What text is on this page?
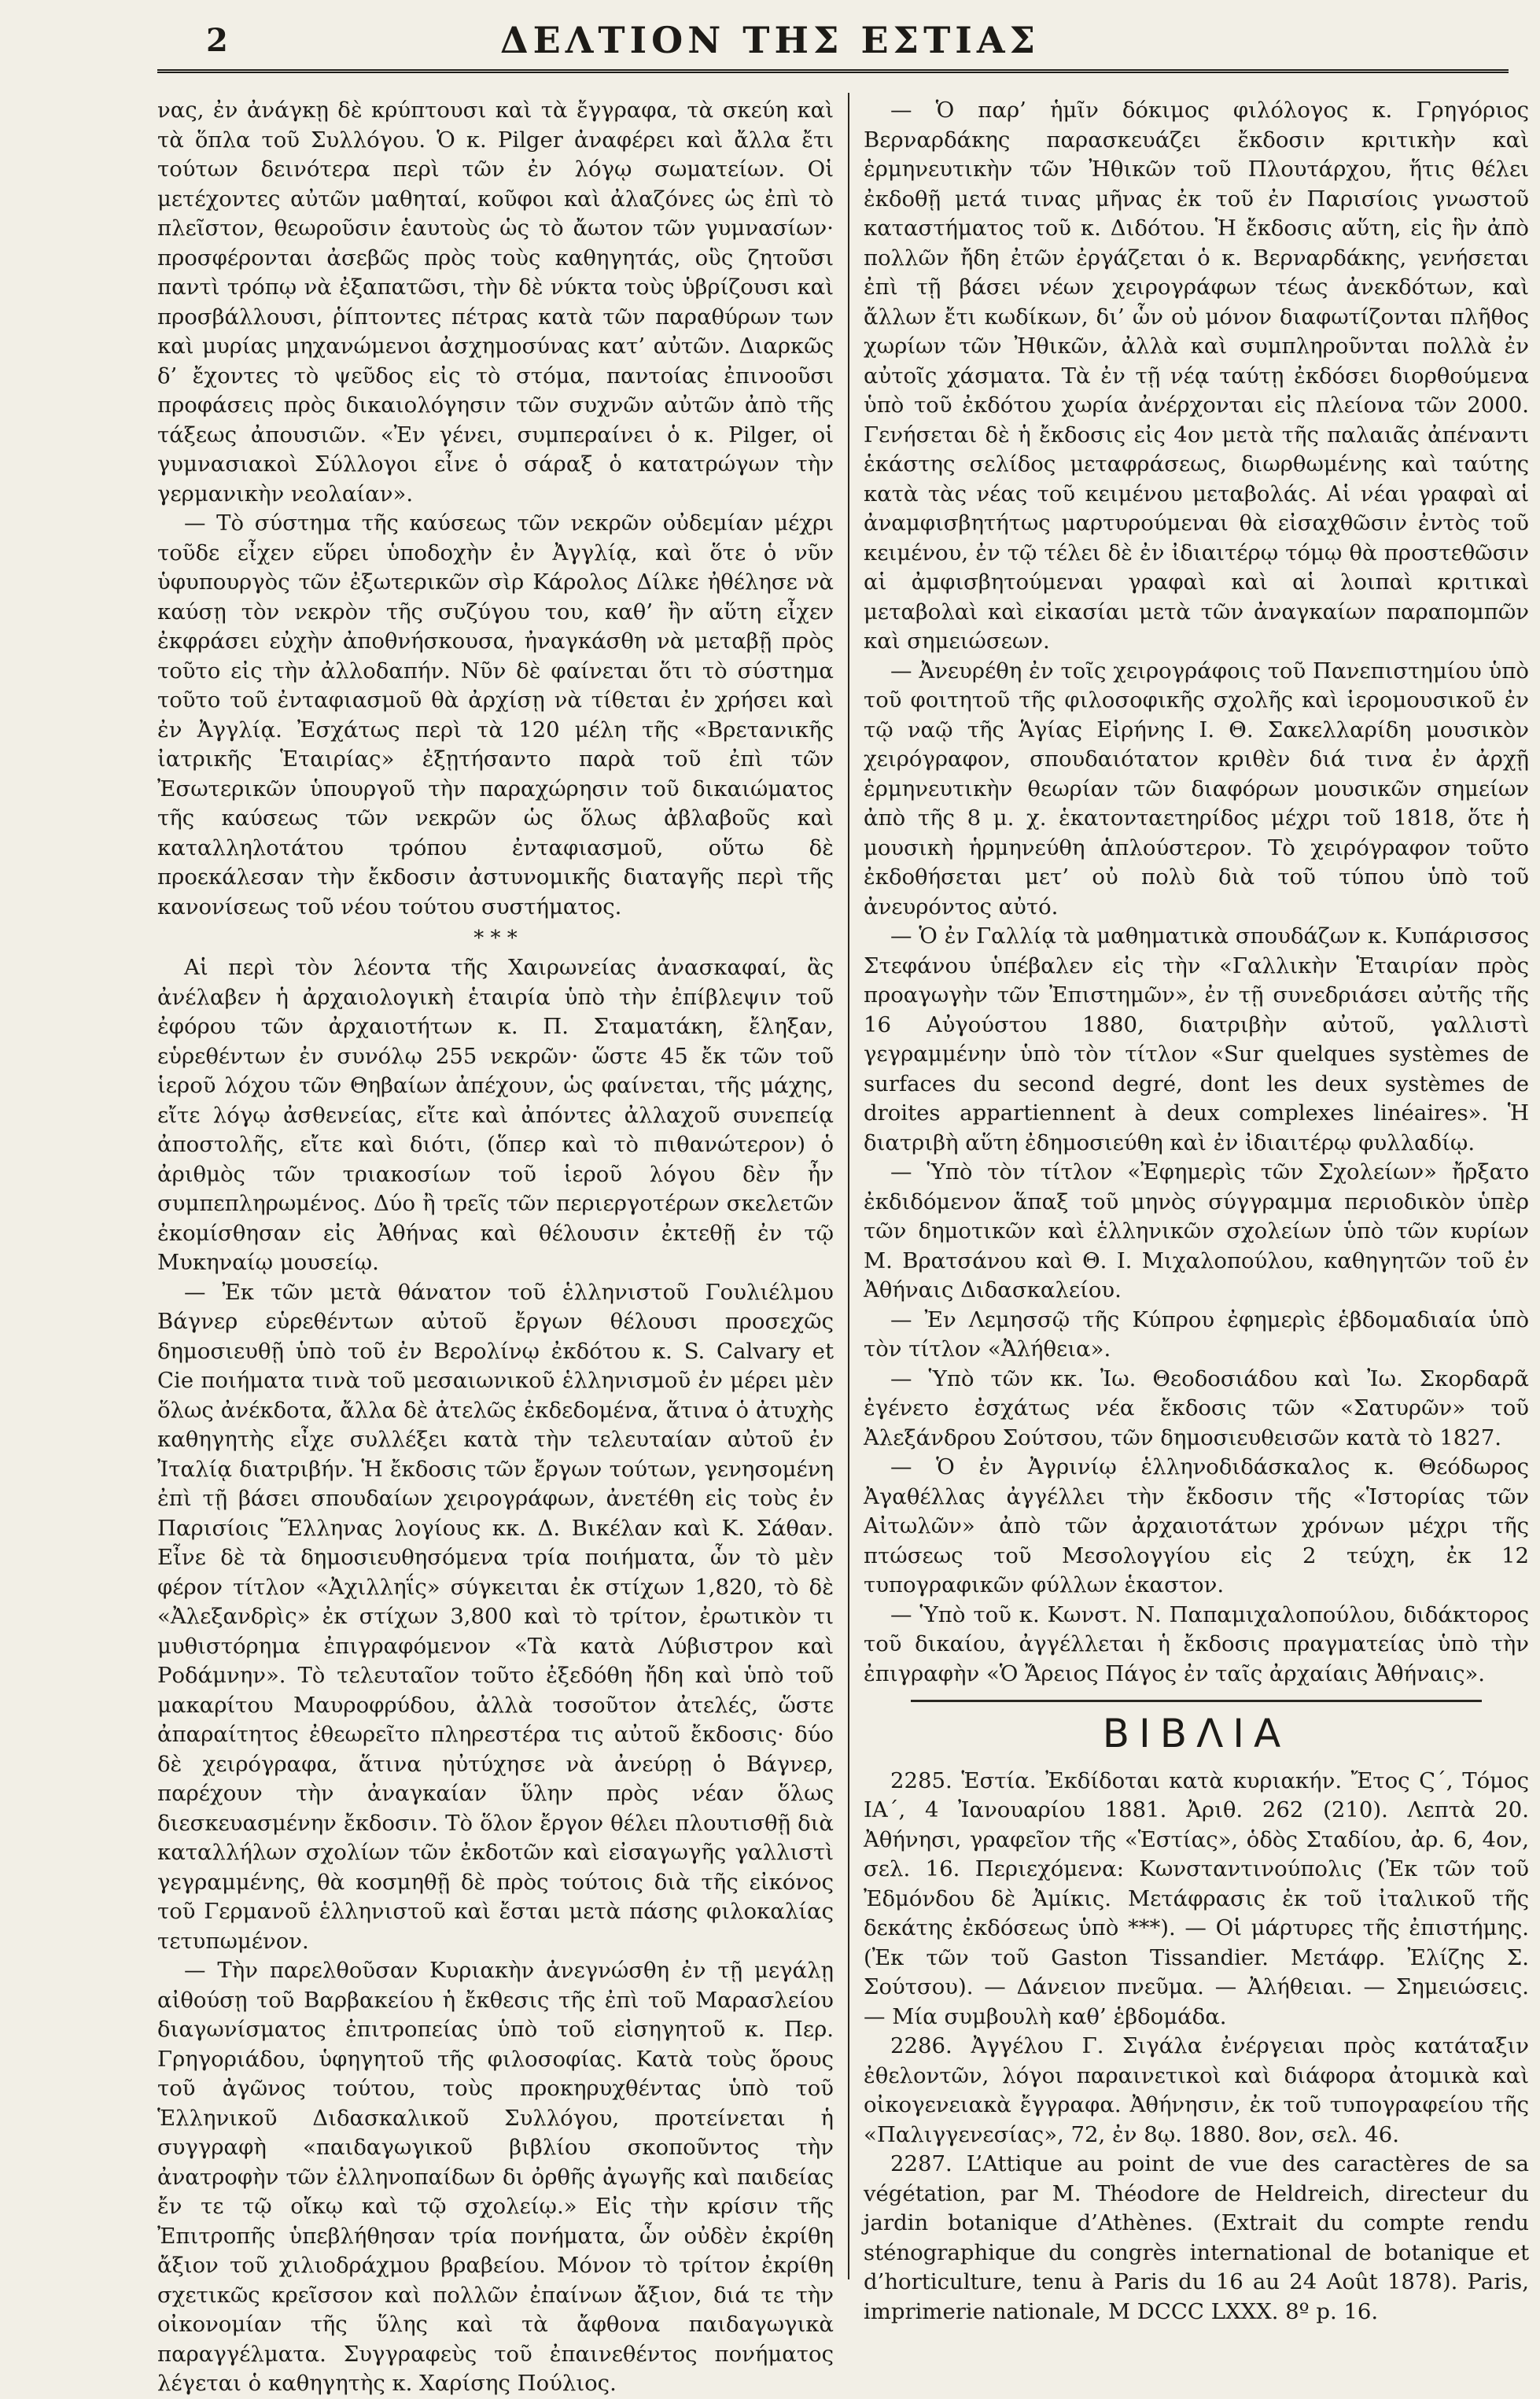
2	ΔΕΛΤΙΟΝ ΤΗΣ ΕΣΤΙΑΣ

νας, ἐν ἀνάγκῃ δὲ κρύπτουσι καὶ τὰ ἔγγραφα, τὰ σκεύη καὶ τὰ ὅπλα τοῦ Συλλόγου. Ὁ κ. Pilger ἀναφέρει καὶ ἄλλα ἔτι τούτων δεινότερα περὶ τῶν ἐν λόγῳ σωματείων. Οἱ μετέχοντες αὐτῶν μαθηταί, κοῦφοι καὶ ἀλαζόνες ὡς ἐπὶ τὸ πλεῖστον, θεωροῦσιν ἑαυτοὺς ὡς τὸ ἄωτον τῶν γυμνασίων· προσφέρονται ἀσεβῶς πρὸς τοὺς καθηγητάς, οὓς ζητοῦσι παντὶ τρόπῳ νὰ ἐξαπατῶσι, τὴν δὲ νύκτα τοὺς ὑβρίζουσι καὶ προσβάλλουσι, ῥίπτοντες πέτρας κατὰ τῶν παραθύρων των καὶ μυρίας μηχανώμενοι ἀσχημοσύνας κατ’ αὐτῶν. Διαρκῶς δ’ ἔχοντες τὸ ψεῦδος εἰς τὸ στόμα, παντοίας ἐπινοοῦσι προφάσεις πρὸς δικαιολόγησιν τῶν συχνῶν αὐτῶν ἀπὸ τῆς τάξεως ἀπουσιῶν. «Ἐν γένει, συμπεραίνει ὁ κ. Pilger, οἱ γυμνασιακοὶ Σύλλογοι εἶνε ὁ σάραξ ὁ κατατρώγων τὴν γερμανικὴν νεολαίαν».

— Τὸ σύστημα τῆς καύσεως τῶν νεκρῶν οὐδεμίαν μέχρι τοῦδε εἶχεν εὕρει ὑποδοχὴν ἐν Ἀγγλίᾳ, καὶ ὅτε ὁ νῦν ὑφυπουργὸς τῶν ἐξωτερικῶν σὶρ Κάρολος Δίλκε ἠθέλησε νὰ καύσῃ τὸν νεκρὸν τῆς συζύγου του, καθ’ ἣν αὕτη εἶχεν ἐκφράσει εὐχὴν ἀποθνήσκουσα, ἠναγκάσθη νὰ μεταβῇ πρὸς τοῦτο εἰς τὴν ἀλλοδαπήν. Νῦν δὲ φαίνεται ὅτι τὸ σύστημα τοῦτο τοῦ ἐνταφιασμοῦ θὰ ἀρχίσῃ νὰ τίθεται ἐν χρήσει καὶ ἐν Ἀγγλίᾳ. Ἐσχάτως περὶ τὰ 120 μέλη τῆς «Βρετανικῆς ἰατρικῆς Ἑταιρίας» ἐξῃτήσαντο παρὰ τοῦ ἐπὶ τῶν Ἐσωτερικῶν ὑπουργοῦ τὴν παραχώρησιν τοῦ δικαιώματος τῆς καύσεως τῶν νεκρῶν ὡς ὅλως ἀβλαβοῦς καὶ καταλληλοτάτου τρόπου ἐνταφιασμοῦ, οὕτω δὲ προεκάλεσαν τὴν ἔκδοσιν ἀστυνομικῆς διαταγῆς περὶ τῆς κανονίσεως τοῦ νέου τούτου συστήματος.

* * *

Αἱ περὶ τὸν λέοντα τῆς Χαιρωνείας ἀνασκαφαί, ἃς ἀνέλαβεν ἡ ἀρχαιολογικὴ ἑταιρία ὑπὸ τὴν ἐπίβλεψιν τοῦ ἐφόρου τῶν ἀρχαιοτήτων κ. Π. Σταματάκη, ἔληξαν, εὑρεθέντων ἐν συνόλῳ 255 νεκρῶν· ὥστε 45 ἔκ τῶν τοῦ ἱεροῦ λόχου τῶν Θηβαίων ἀπέχουν, ὡς φαίνεται, τῆς μάχης, εἴτε λόγῳ ἀσθενείας, εἴτε καὶ ἀπόντες ἀλλαχοῦ συνεπείᾳ ἀποστολῆς, εἴτε καὶ διότι, (ὅπερ καὶ τὸ πιθανώτερον) ὁ ἀριθμὸς τῶν τριακοσίων τοῦ ἱεροῦ λόγου δὲν ἦν συμπεπληρωμένος. Δύο ἢ τρεῖς τῶν περιεργοτέρων σκελετῶν ἐκομίσθησαν εἰς Ἀθήνας καὶ θέλουσιν ἐκτεθῇ ἐν τῷ Μυκηναίῳ μουσείῳ.

— Ἐκ τῶν μετὰ θάνατον τοῦ ἑλληνιστοῦ Γουλιέλμου Βάγνερ εὑρεθέντων αὐτοῦ ἔργων θέλουσι προσεχῶς δημοσιευθῇ ὑπὸ τοῦ ἐν Βερολίνῳ ἐκδότου κ. S. Calvary et Cie ποιήματα τινὰ τοῦ μεσαιωνικοῦ ἑλληνισμοῦ ἐν μέρει μὲν ὅλως ἀνέκδοτα, ἄλλα δὲ ἀτελῶς ἐκδεδομένα, ἅτινα ὁ ἀτυχὴς καθηγητὴς εἶχε συλλέξει κατὰ τὴν τελευταίαν αὐτοῦ ἐν Ἰταλίᾳ διατριβήν. Ἡ ἔκδοσις τῶν ἔργων τούτων, γενησομένη ἐπὶ τῇ βάσει σπουδαίων χειρογράφων, ἀνετέθη εἰς τοὺς ἐν Παρισίοις Ἕλληνας λογίους κκ. Δ. Βικέλαν καὶ Κ. Σάθαν. Εἶνε δὲ τὰ δημοσιευθησόμενα τρία ποιήματα, ὧν τὸ μὲν φέρον τίτλον «Ἀχιλληΐς» σύγκειται ἐκ στίχων 1,820, τὸ δὲ «Ἀλεξανδρὶς» ἐκ στίχων 3,800 καὶ τὸ τρίτον, ἐρωτικὸν τι μυθιστόρημα ἐπιγραφόμενον «Τὰ κατὰ Λύβιστρον καὶ Ροδάμνην». Τὸ τελευταῖον τοῦτο ἐξεδόθη ἤδη καὶ ὑπὸ τοῦ μακαρίτου Μαυροφρύδου, ἀλλὰ τοσοῦτον ἀτελές, ὥστε ἀπαραίτητος ἐθεωρεῖτο πληρεστέρα τις αὐτοῦ ἔκδοσις· δύο δὲ χειρόγραφα, ἅτινα ηὐτύχησε νὰ ἀνεύρῃ ὁ Βάγνερ, παρέχουν τὴν ἀναγκαίαν ὕλην πρὸς νέαν ὅλως διεσκευασμένην ἔκδοσιν. Τὸ ὅλον ἔργον θέλει πλουτισθῇ διὰ καταλλήλων σχολίων τῶν ἐκδοτῶν καὶ εἰσαγωγῆς γαλλιστὶ γεγραμμένης, θὰ κοσμηθῇ δὲ πρὸς τούτοις διὰ τῆς εἰκόνος τοῦ Γερμανοῦ ἑλληνιστοῦ καὶ ἔσται μετὰ πάσης φιλοκαλίας τετυπωμένον.

— Τὴν παρελθοῦσαν Κυριακὴν ἀνεγνώσθη ἐν τῇ μεγάλῃ αἰθούσῃ τοῦ Βαρβακείου ἡ ἔκθεσις τῆς ἐπὶ τοῦ Μαρασλείου διαγωνίσματος ἐπιτροπείας ὑπὸ τοῦ εἰσηγητοῦ κ. Περ. Γρηγοριάδου, ὑφηγητοῦ τῆς φιλοσοφίας. Κατὰ τοὺς ὅρους τοῦ ἀγῶνος τούτου, τοὺς προκηρυχθέντας ὑπὸ τοῦ Ἑλληνικοῦ Διδασκαλικοῦ Συλλόγου, προτείνεται ἡ συγγραφὴ «παιδαγωγικοῦ βιβλίου σκοποῦντος τὴν ἀνατροφὴν τῶν ἑλληνοπαίδων δι ὀρθῆς ἀγωγῆς καὶ παιδείας ἔν τε τῷ οἴκῳ καὶ τῷ σχολείῳ.» Εἰς τὴν κρίσιν τῆς Ἐπιτροπῆς ὑπεβλήθησαν τρία πονήματα, ὧν οὐδὲν ἐκρίθη ἄξιον τοῦ χιλιοδράχμου βραβείου. Μόνον τὸ τρίτον ἐκρίθη σχετικῶς κρεῖσσον καὶ πολλῶν ἐπαίνων ἄξιον, διά τε τὴν οἰκονομίαν τῆς ὕλης καὶ τὰ ἄφθονα παιδαγωγικὰ παραγγέλματα. Συγγραφεὺς τοῦ ἐπαινεθέντος πονήματος λέγεται ὁ καθηγητὴς κ. Χαρίσης Πούλιος.

— Ὁ παρ’ ἡμῖν δόκιμος φιλόλογος κ. Γρηγόριος Βερναρδάκης παρασκευάζει ἔκδοσιν κριτικὴν καὶ ἑρμηνευτικὴν τῶν Ἠθικῶν τοῦ Πλουτάρχου, ἥτις θέλει ἐκδοθῇ μετά τινας μῆνας ἐκ τοῦ ἐν Παρισίοις γνωστοῦ καταστήματος τοῦ κ. Διδότου. Ἡ ἔκδοσις αὕτη, εἰς ἣν ἀπὸ πολλῶν ἤδη ἐτῶν ἐργάζεται ὁ κ. Βερναρδάκης, γενήσεται ἐπὶ τῇ βάσει νέων χειρογράφων τέως ἀνεκδότων, καὶ ἄλλων ἔτι κωδίκων, δι’ ὧν οὐ μόνον διαφωτίζονται πλῆθος χωρίων τῶν Ἠθικῶν, ἀλλὰ καὶ συμπληροῦνται πολλὰ ἐν αὐτοῖς χάσματα. Τὰ ἐν τῇ νέᾳ ταύτῃ ἐκδόσει διορθούμενα ὑπὸ τοῦ ἐκδότου χωρία ἀνέρχονται εἰς πλείονα τῶν 2000. Γενήσεται δὲ ἡ ἔκδοσις εἰς 4ον μετὰ τῆς παλαιᾶς ἀπέναντι ἑκάστης σελίδος μεταφράσεως, διωρθωμένης καὶ ταύτης κατὰ τὰς νέας τοῦ κειμένου μεταβολάς. Αἱ νέαι γραφαὶ αἱ ἀναμφισβητήτως μαρτυρούμεναι θὰ εἰσαχθῶσιν ἐντὸς τοῦ κειμένου, ἐν τῷ τέλει δὲ ἐν ἰδιαιτέρῳ τόμῳ θὰ προστεθῶσιν αἱ ἀμφισβητούμεναι γραφαὶ καὶ αἱ λοιπαὶ κριτικαὶ μεταβολαὶ καὶ εἰκασίαι μετὰ τῶν ἀναγκαίων παραπομπῶν καὶ σημειώσεων.

— Ἀνευρέθη ἐν τοῖς χειρογράφοις τοῦ Πανεπιστημίου ὑπὸ τοῦ φοιτητοῦ τῆς φιλοσοφικῆς σχολῆς καὶ ἱερομουσικοῦ ἐν τῷ ναῷ τῆς Ἁγίας Εἰρήνης Ι. Θ. Σακελλαρίδη μουσικὸν χειρόγραφον, σπουδαιότατον κριθὲν διά τινα ἐν ἀρχῇ ἑρμηνευτικὴν θεωρίαν τῶν διαφόρων μουσικῶν σημείων ἀπὸ τῆς 8 μ. χ. ἑκατονταετηρίδος μέχρι τοῦ 1818, ὅτε ἡ μουσικὴ ἡρμηνεύθη ἁπλούστερον. Τὸ χειρόγραφον τοῦτο ἐκδοθήσεται μετ’ οὐ πολὺ διὰ τοῦ τύπου ὑπὸ τοῦ ἀνευρόντος αὐτό.

— Ὁ ἐν Γαλλίᾳ τὰ μαθηματικὰ σπουδάζων κ. Κυπάρισσος Στεφάνου ὑπέβαλεν εἰς τὴν «Γαλλικὴν Ἑταιρίαν πρὸς προαγωγὴν τῶν Ἐπιστημῶν», ἐν τῇ συνεδριάσει αὐτῆς τῆς 16 Αὐγούστου 1880, διατριβὴν αὐτοῦ, γαλλιστὶ γεγραμμένην ὑπὸ τὸν τίτλον «Sur quelques systèmes de surfaces du second degré, dont les deux systèmes de droites appartiennent à deux complexes linéaires». Ἡ διατριβὴ αὕτη ἐδημοσιεύθη καὶ ἐν ἰδιαιτέρῳ φυλλαδίῳ.

— Ὑπὸ τὸν τίτλον «Ἐφημερὶς τῶν Σχολείων» ἤρξατο ἐκδιδόμενον ἅπαξ τοῦ μηνὸς σύγγραμμα περιοδικὸν ὑπὲρ τῶν δημοτικῶν καὶ ἑλληνικῶν σχολείων ὑπὸ τῶν κυρίων Μ. Βρατσάνου καὶ Θ. Ι. Μιχαλοπούλου, καθηγητῶν τοῦ ἐν Ἀθήναις Διδασκαλείου.

— Ἐν Λεμησσῷ τῆς Κύπρου ἐφημερὶς ἑβδομαδιαία ὑπὸ τὸν τίτλον «Ἀλήθεια».

— Ὑπὸ τῶν κκ. Ἰω. Θεοδοσιάδου καὶ Ἰω. Σκορδαρᾶ ἐγένετο ἐσχάτως νέα ἔκδοσις τῶν «Σατυρῶν» τοῦ Ἀλεξάνδρου Σούτσου, τῶν δημοσιευθεισῶν κατὰ τὸ 1827.

— Ὁ ἐν Ἀγρινίῳ ἑλληνοδιδάσκαλος κ. Θεόδωρος Ἀγαθέλλας ἀγγέλλει τὴν ἔκδοσιν τῆς «Ἱστορίας τῶν Αἰτωλῶν» ἀπὸ τῶν ἀρχαιοτάτων χρόνων μέχρι τῆς πτώσεως τοῦ Μεσολογγίου εἰς 2 τεύχη, ἐκ 12 τυπογραφικῶν φύλλων ἑκαστον.

— Ὑπὸ τοῦ κ. Κωνστ. Ν. Παπαμιχαλοπούλου, διδάκτορος τοῦ δικαίου, ἀγγέλλεται ἡ ἔκδοσις πραγματείας ὑπὸ τὴν ἐπιγραφὴν «Ὁ Ἄρειος Πάγος ἐν ταῖς ἀρχαίαις Ἀθήναις».

ΒΙΒΛΙΑ

2285. Ἑστία. Ἐκδίδοται κατὰ κυριακήν. Ἔτος Ϛ΄, Τόμος ΙΑ΄, 4 Ἰανουαρίου 1881. Ἀριθ. 262 (210). Λεπτὰ 20. Ἀθήνησι, γραφεῖον τῆς «Ἑστίας», ὁδὸς Σταδίου, ἀρ. 6, 4ον, σελ. 16. Περιεχόμενα: Κωνσταντινούπολις (Ἐκ τῶν τοῦ Ἐδμόνδου δὲ Ἀμίκις. Μετάφρασις ἐκ τοῦ ἰταλικοῦ τῆς δεκάτης ἐκδόσεως ὑπὸ ***). — Οἱ μάρτυρες τῆς ἐπιστήμης. (Ἐκ τῶν τοῦ Gaston Tissandier. Μετάφρ. Ἐλίζης Σ. Σούτσου). — Δάνειον πνεῦμα. — Ἀλήθειαι. — Σημειώσεις. — Μία συμβουλὴ καθ’ ἑβδομάδα.

2286. Ἀγγέλου Γ. Σιγάλα ἐνέργειαι πρὸς κατάταξιν ἐθελοντῶν, λόγοι παραινετικοὶ καὶ διάφορα ἀτομικὰ καὶ οἰκογενειακὰ ἔγγραφα. Ἀθήνησιν, ἐκ τοῦ τυπογραφείου τῆς «Παλιγγενεσίας», 72, ἐν 8ῳ. 1880. 8ον, σελ. 46.

2287. L’Attique au point de vue des caractères de sa végétation, par M. Théodore de Heldreich, directeur du jardin botanique d’Athènes. (Extrait du compte rendu sténographique du congrès international de botanique et d’horticulture, tenu à Paris du 16 au 24 Août 1878). Paris, imprimerie nationale, M DCCC LXXX. 8º p. 16.
